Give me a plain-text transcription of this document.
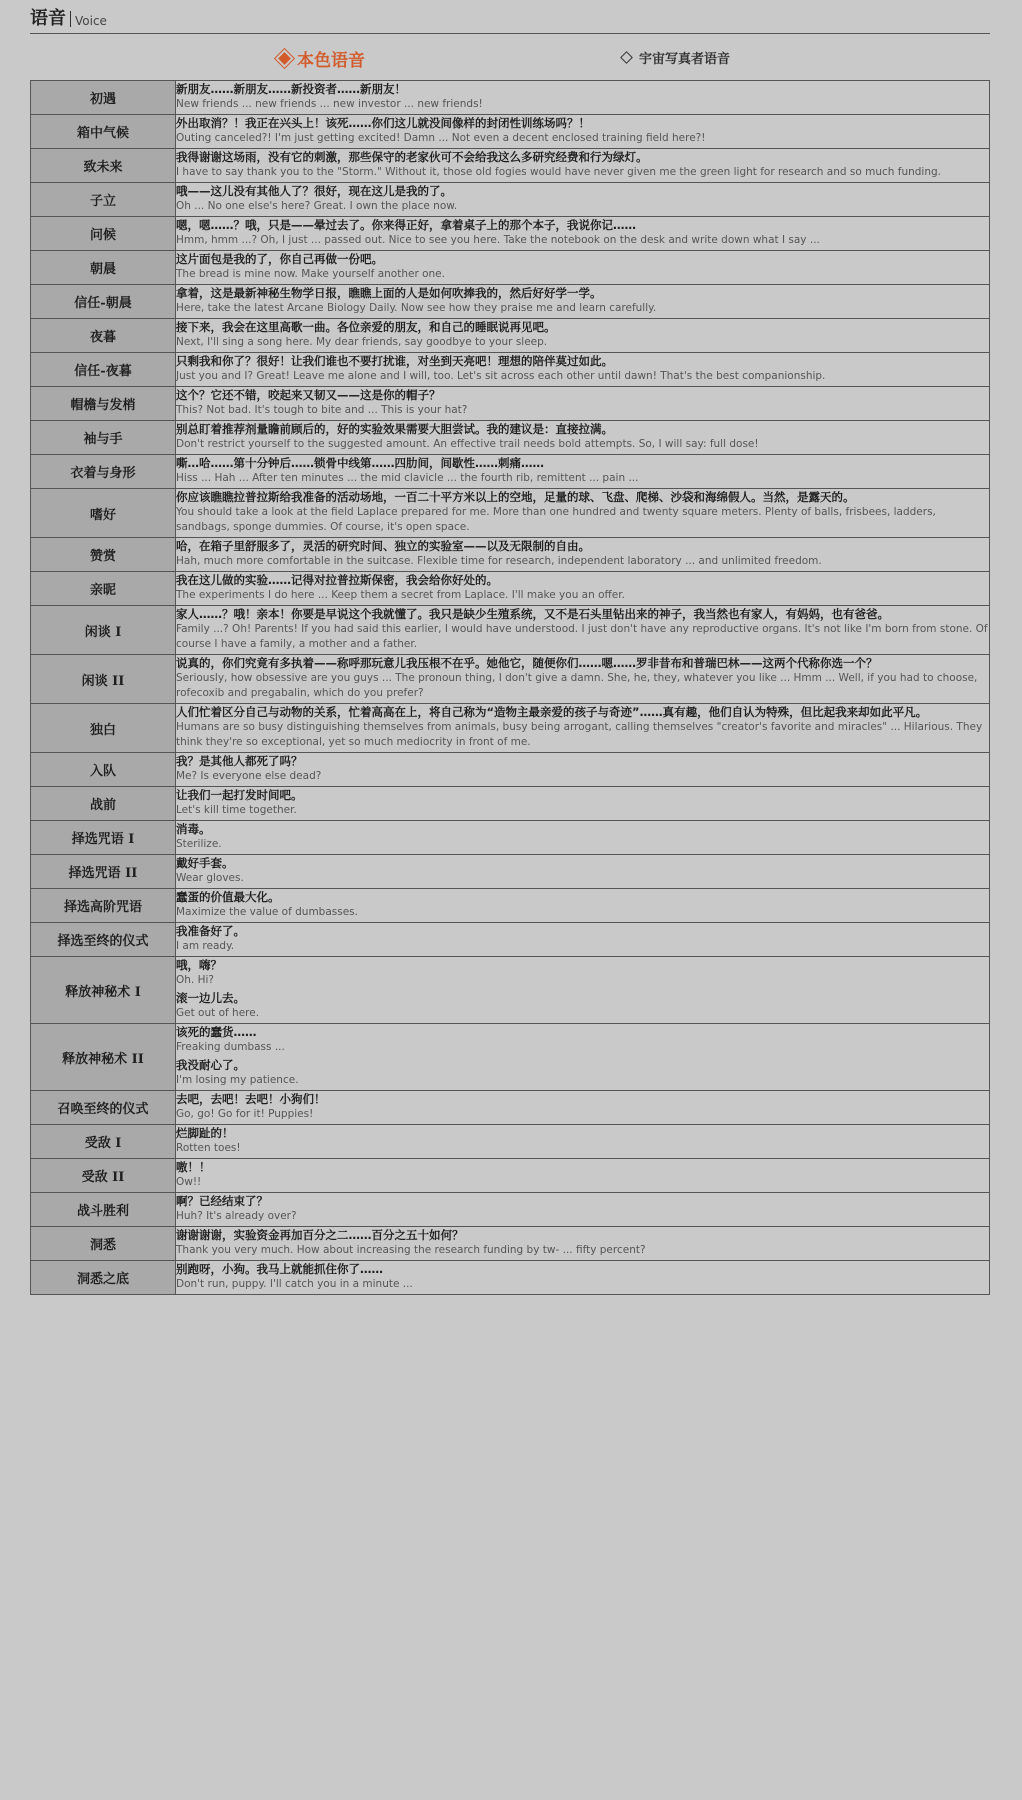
语音 Voice
本色语音	宇宙写真者语音
初遇	新朋友……新朋友……新投资者……新朋友！
New friends ... new friends ... new investor ... new friends!

箱中气候	外出取消？！我正在兴头上！该死……你们这儿就没间像样的封闭性训练场吗？！
Outing canceled?! I'm just getting excited! Damn ... Not even a decent enclosed training field here?!

致未来	我得谢谢这场雨，没有它的刺激，那些保守的老家伙可不会给我这么多研究经费和行为绿灯。
I have to say thank you to the "Storm." Without it, those old fogies would have never given me the green light for research and so much funding.

子立	哦——这儿没有其他人了？很好，现在这儿是我的了。
Oh ... No one else's here? Great. I own the place now.

问候	嗯，嗯……？哦，只是——晕过去了。你来得正好，拿着桌子上的那个本子，我说你记……
Hmm, hmm ...? Oh, I just ... passed out. Nice to see you here. Take the notebook on the desk and write down what I say ...

朝晨	这片面包是我的了，你自己再做一份吧。
The bread is mine now. Make yourself another one.

信任-朝晨	拿着，这是最新神秘生物学日报，瞧瞧上面的人是如何吹捧我的，然后好好学一学。
Here, take the latest Arcane Biology Daily. Now see how they praise me and learn carefully.

夜暮	接下来，我会在这里高歌一曲。各位亲爱的朋友，和自己的睡眠说再见吧。
Next, I'll sing a song here. My dear friends, say goodbye to your sleep.

信任-夜暮	只剩我和你了？很好！让我们谁也不要打扰谁，对坐到天亮吧！理想的陪伴莫过如此。
Just you and I? Great! Leave me alone and I will, too. Let's sit across each other until dawn! That's the best companionship.

帽檐与发梢	这个？它还不错，咬起来又韧又——这是你的帽子？
This? Not bad. It's tough to bite and ... This is your hat?

袖与手	别总盯着推荐剂量瞻前顾后的，好的实验效果需要大胆尝试。我的建议是：直接拉满。
Don't restrict yourself to the suggested amount. An effective trail needs bold attempts. So, I will say: full dose!

衣着与身形	嘶…哈……第十分钟后……锁骨中线第……四肋间，间歇性……刺痛……
Hiss ... Hah ... After ten minutes ... the mid clavicle ... the fourth rib, remittent ... pain ...

嗜好	你应该瞧瞧拉普拉斯给我准备的活动场地，一百二十平方米以上的空地，足量的球、飞盘、爬梯、沙袋和海绵假人。当然，是露天的。
You should take a look at the field Laplace prepared for me. More than one hundred and twenty square meters. Plenty of balls, frisbees, ladders, sandbags, sponge dummies. Of course, it's open space.

赞赏	哈，在箱子里舒服多了，灵活的研究时间、独立的实验室——以及无限制的自由。
Hah, much more comfortable in the suitcase. Flexible time for research, independent laboratory ... and unlimited freedom.

亲昵	我在这儿做的实验……记得对拉普拉斯保密，我会给你好处的。
The experiments I do here ... Keep them a secret from Laplace. I'll make you an offer.

闲谈 I	家人……？哦！亲本！你要是早说这个我就懂了。我只是缺少生殖系统，又不是石头里钻出来的神子，我当然也有家人，有妈妈，也有爸爸。
Family ...? Oh! Parents! If you had said this earlier, I would have understood. I just don't have any reproductive organs. It's not like I'm born from stone. Of course I have a family, a mother and a father.

闲谈 II	说真的，你们究竟有多执着——称呼那玩意儿我压根不在乎。她他它，随便你们……嗯……罗非昔布和普瑞巴林——这两个代称你选一个？
Seriously, how obsessive are you guys ... The pronoun thing, I don't give a damn. She, he, they, whatever you like ... Hmm ... Well, if you had to choose, rofecoxib and pregabalin, which do you prefer?

独白	人们忙着区分自己与动物的关系，忙着高高在上，将自己称为“造物主最亲爱的孩子与奇迹”……真有趣，他们自认为特殊，但比起我来却如此平凡。
Humans are so busy distinguishing themselves from animals, busy being arrogant, calling themselves "creator's favorite and miracles" ... Hilarious. They think they're so exceptional, yet so much mediocrity in front of me.

入队	我？是其他人都死了吗？
Me? Is everyone else dead?

战前	让我们一起打发时间吧。
Let's kill time together.

择选咒语 I	消毒。
Sterilize.

择选咒语 II	戴好手套。
Wear gloves.

择选高阶咒语	蠢蛋的价值最大化。
Maximize the value of dumbasses.

择选至终的仪式	我准备好了。
I am ready.

释放神秘术 I	哦，嗨？
Oh. Hi?
滚一边儿去。
Get out of here.

释放神秘术 II	该死的蠢货……
Freaking dumbass ...
我没耐心了。
I'm losing my patience.

召唤至终的仪式	去吧，去吧！去吧！小狗们！
Go, go! Go for it! Puppies!

受敌 I	烂脚趾的！
Rotten toes!

受敌 II	嗷！！
Ow!!

战斗胜利	啊？已经结束了？
Huh? It's already over?

洞悉	谢谢谢谢，实验资金再加百分之二……百分之五十如何？
Thank you very much. How about increasing the research funding by tw- ... fifty percent?

洞悉之底	别跑呀，小狗。我马上就能抓住你了……
Don't run, puppy. I'll catch you in a minute ...
